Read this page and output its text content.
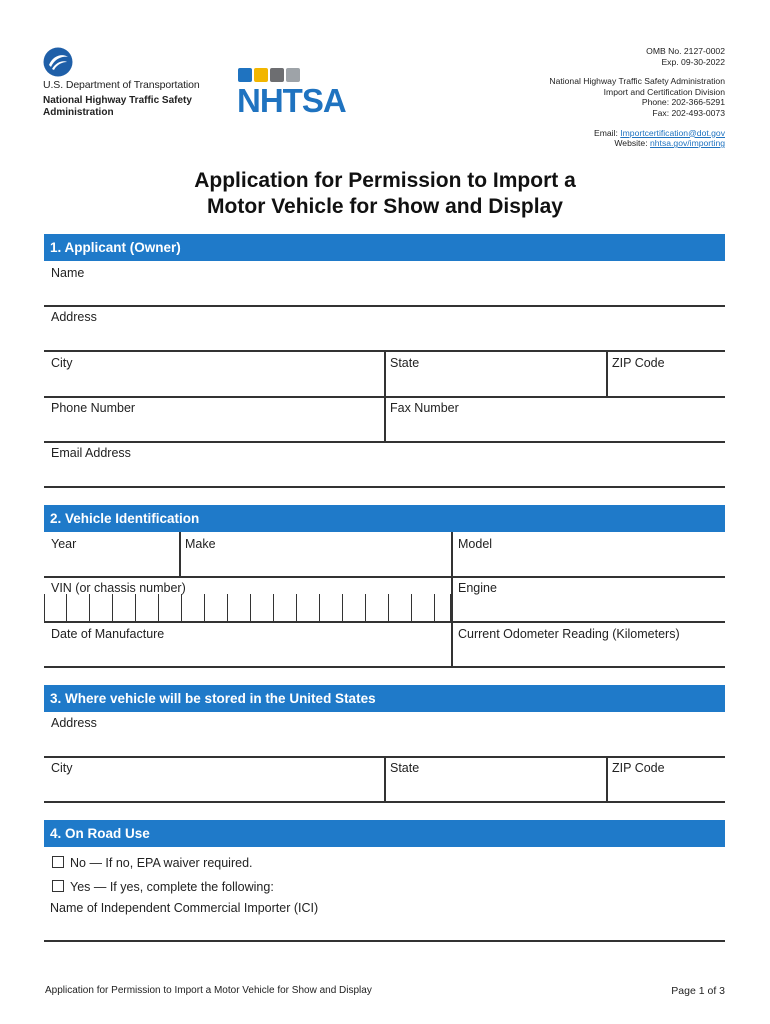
U.S. Department of Transportation
National Highway Traffic Safety
Administration	NHTSA
OMB No. 2127-0002
Exp. 09-30-2022
National Highway Traffic Safety Administration
Import and Certification Division
Phone: 202-366-5291
Fax: 202-493-0073
Email: Importcertification@dot.gov
Website: nhtsa.gov/importing
Application for Permission to Import a
Motor Vehicle for Show and Display
1. Applicant (Owner)
Name
Address
City	State	ZIP Code
Phone Number	Fax Number
Email Address
2. Vehicle Identification
Year	Make	Model
VIN (or chassis number)	Engine
Date of Manufacture	Current Odometer Reading (Kilometers)
3. Where vehicle will be stored in the United States
Address
City	State	ZIP Code
4. On Road Use
No — If no, EPA waiver required.
Yes — If yes, complete the following:
Name of Independent Commercial Importer (ICI)
Application for Permission to Import a Motor Vehicle for Show and Display	Page 1 of 3
